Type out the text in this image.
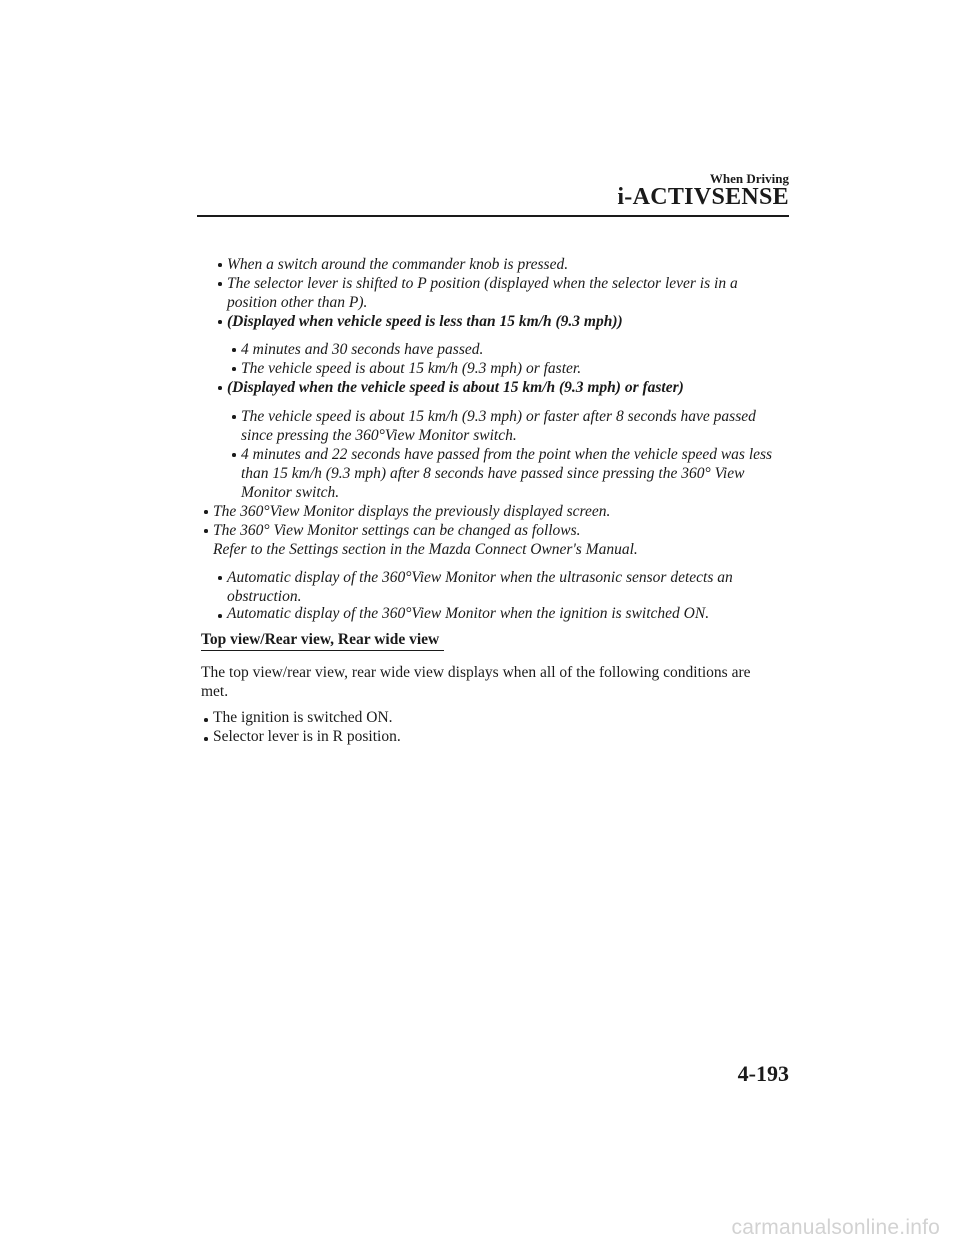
When Driving
i-ACTIVSENSE
When a switch around the commander knob is pressed.
The selector lever is shifted to P position (displayed when the selector lever is in a
position other than P).
(Displayed when vehicle speed is less than 15 km/h (9.3 mph))
4 minutes and 30 seconds have passed.
The vehicle speed is about 15 km/h (9.3 mph) or faster.
(Displayed when the vehicle speed is about 15 km/h (9.3 mph) or faster)
The vehicle speed is about 15 km/h (9.3 mph) or faster after 8 seconds have passed
since pressing the 360°View Monitor switch.
4 minutes and 22 seconds have passed from the point when the vehicle speed was less
than 15 km/h (9.3 mph) after 8 seconds have passed since pressing the 360° View
Monitor switch.
The 360°View Monitor displays the previously displayed screen.
The 360° View Monitor settings can be changed as follows.
Refer to the Settings section in the Mazda Connect Owner's Manual.
Automatic display of the 360°View Monitor when the ultrasonic sensor detects an
obstruction.
Automatic display of the 360°View Monitor when the ignition is switched ON.
Top view/Rear view, Rear wide view
The top view/rear view, rear wide view displays when all of the following conditions are
met.
The ignition is switched ON.
Selector lever is in R position.
4-193
carmanualsonline.info
